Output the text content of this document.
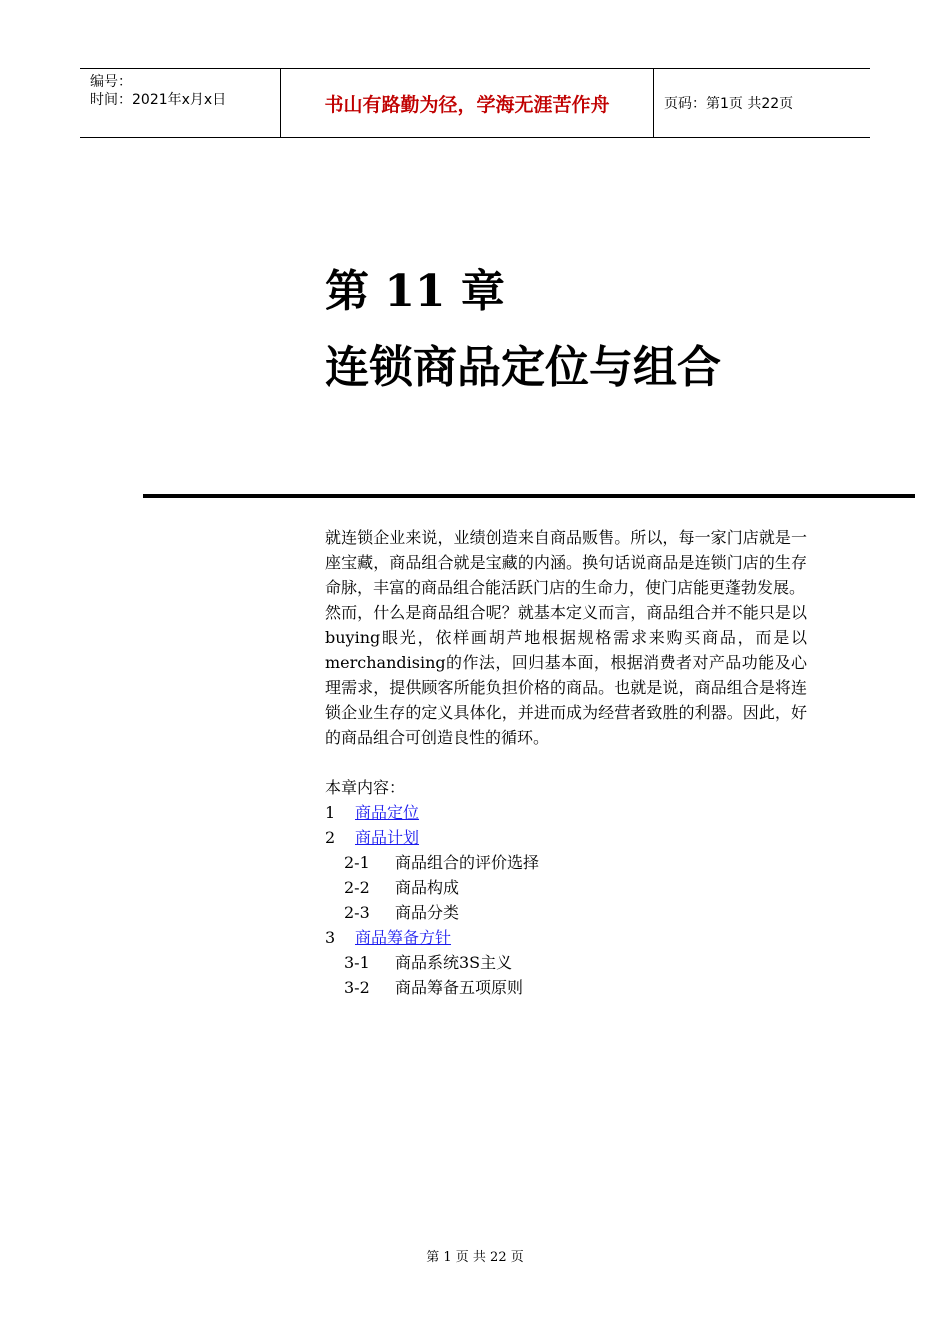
编号：
时间：2021年x月x日	书山有路勤为径，学海无涯苦作舟	页码：第1页 共22页
第 11 章
连锁商品定位与组合

就连锁企业来说，业绩创造来自商品贩售。所以，每一家门店就是一座宝藏，商品组合就是宝藏的内涵。换句话说商品是连锁门店的生存命脉，丰富的商品组合能活跃门店的生命力，使门店能更蓬勃发展。

然而，什么是商品组合呢？就基本定义而言，商品组合并不能只是以buying眼光，依样画胡芦地根据规格需求来购买商品，而是以merchandising的作法，回归基本面，根据消费者对产品功能及心理需求，提供顾客所能负担价格的商品。也就是说，商品组合是将连锁企业生存的定义具体化，并进而成为经营者致胜的利器。因此，好的商品组合可创造良性的循环。

本章内容：

1 商品定位
2 商品计划
2-1 商品组合的评价选择
2-2 商品构成
2-3 商品分类
3 商品筹备方针
3-1 商品系统3S主义
3-2 商品筹备五项原则
第 1 页 共 22 页
